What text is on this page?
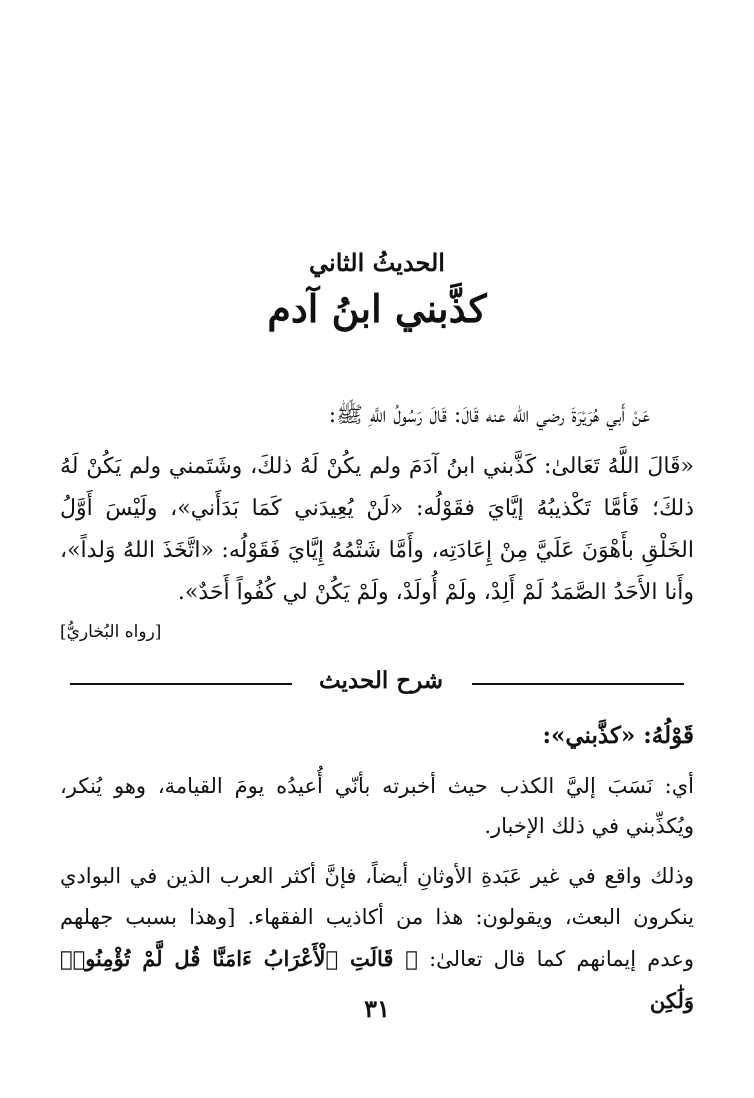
الحديثُ الثاني
كذَّبني ابنُ آدم
عَنْ أَبي هُرَيْرَةَ رضي الله عنه قَالَ: قَالَ رَسُولُ اللَّهِ ﷺ:
«قَالَ اللَّهُ تَعَالىٰ: كَذَّبني ابنُ آدَمَ ولم يكُنْ لَهُ ذلكَ، وشَتَمني ولم يَكُنْ لَهُ ذلكَ؛ فَأمَّا تَكْذيبُهُ إيَّايَ فقَوْلُه: «لَنْ يُعِيدَني كَمَا بَدَأَني»، ولَيْسَ أَوَّلُ الخَلْقِ بأَهْوَنَ عَلَيَّ مِنْ إِعَادَتِه، وأَمَّا شَتْمُهُ إِيَّايَ فَقَوْلُه: «اتَّخَذَ اللهُ وَلداً»، وأَنا الأَحَدُ الصَّمَدُ لَمْ أَلِدْ، ولَمْ أُولَدْ، ولَمْ يَكُنْ لي كُفُواً أَحَدٌ».
[رواه البُخاريُّ]
شرح الحديث
قَوْلُهُ: «كذَّبني»:
أي: نَسَبَ إليَّ الكذب حيث أخبرته بأنّي أُعيدُه يومَ القيامة، وهو يُنكر، ويُكذِّبني في ذلك الإخبار.
وذلك واقع في غير عَبَدةِ الأوثانِ أيضاً، فإنَّ أكثر العرب الذين في البوادي ينكرون البعث، ويقولون: هذا من أكاذيب الفقهاء. [وهذا بسبب جهلهم وعدم إيمانهم كما قال تعالىٰ: ﴿ قَالَتِ ٱلْأَعْرَابُ ءَامَنَّا قُل لَّمْ تُؤْمِنُوا۟ وَلَٰكِن
٣١
